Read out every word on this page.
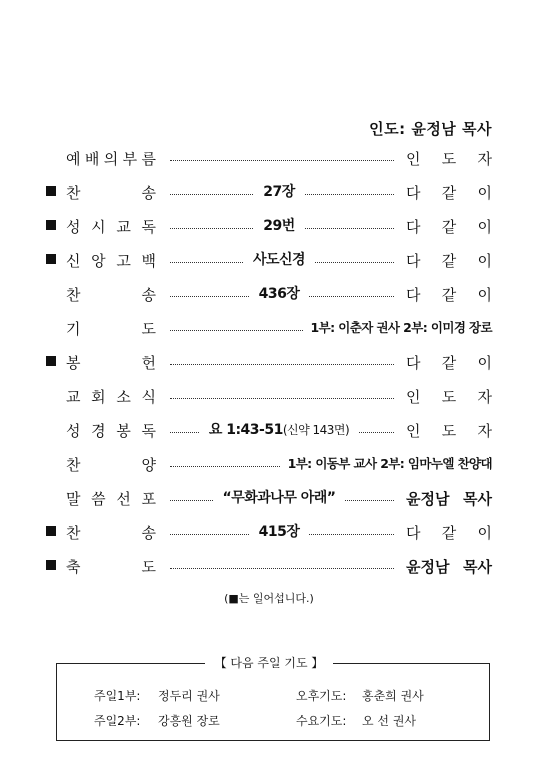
인도: 윤정남 목사
예 배 의 부 름	인 도 자
찬	송	27장	다 같 이
성 시 교 독	29번	다 같 이
신 앙 고 백	사도신경	다 같 이
찬	송	436장	다 같 이
기	도	1부: 이춘자 권사 2부: 이미경 장로
봉	헌	다 같 이
교 회 소 식	인 도 자
성 경 봉 독	요 1:43-51(신약 143면)	인 도 자
찬	양	1부: 이동부 교사 2부: 임마누엘 찬양대
말 씀 선 포	“무화과나무 아래”	윤정남 목사
찬	송	415장	다 같 이
축	도	윤정남 목사
(■는 일어섭니다.)
【 다음 주일 기도 】
주일1부: 정두리 권사	오후기도: 홍춘희 권사
주일2부: 강흥원 장로	수요기도: 오 선 권사
